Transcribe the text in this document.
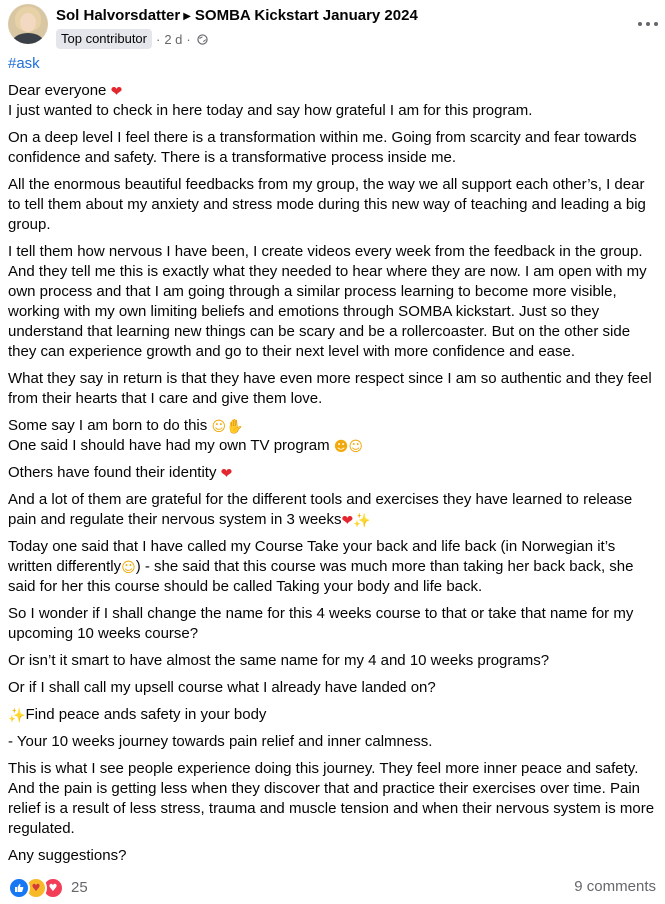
Sol Halvorsdatter ▶ SOMBA Kickstart January 2024
Top contributor · 2 d ·

#ask

Dear everyone ❤
I just wanted to check in here today and say how grateful I am for this program.

On a deep level I feel there is a transformation within me. Going from scarcity and fear towards confidence and safety. There is a transformative process inside me.

All the enormous beautiful feedbacks from my group, the way we all support each other’s, I dear to tell them about my anxiety and stress mode during this new way of teaching and leading a big group.

I tell them how nervous I have been, I create videos every week from the feedback in the group. And they tell me this is exactly what they needed to hear where they are now. I am open with my own process and that I am going through a similar process learning to become more visible, working with my own limiting beliefs and emotions through SOMBA kickstart. Just so they understand that learning new things can be scary and be a rollercoaster. But on the other side they can experience growth and go to their next level with more confidence and ease.

What they say in return is that they have even more respect since I am so authentic and they feel from their hearts that I care and give them love.

Some say I am born to do this ☺✋
One said I should have had my own TV program ☻☺

Others have found their identity ❤

And a lot of them are grateful for the different tools and exercises they have learned to release pain and regulate their nervous system in 3 weeks❤✨

Today one said that I have called my Course Take your back and life back (in Norwegian it’s written differently☺) - she said that this course was much more than taking her back back, she said for her this course should be called Taking your body and life back.

So I wonder if I shall change the name for this 4 weeks course to that or take that name for my upcoming 10 weeks course?

Or isn’t it smart to have almost the same name for my 4 and 10 weeks programs?

Or if I shall call my upsell course what I already have landed on?

✨Find peace ands safety in your body

- Your 10 weeks journey towards pain relief and inner calmness.

This is what I see people experience doing this journey. They feel more inner peace and safety. And the pain is getting less when they discover that and practice their exercises over time. Pain relief is a result of less stress, trauma and muscle tension and when their nervous system is more regulated.

Any suggestions?

♥ ♥ 25	9 comments
